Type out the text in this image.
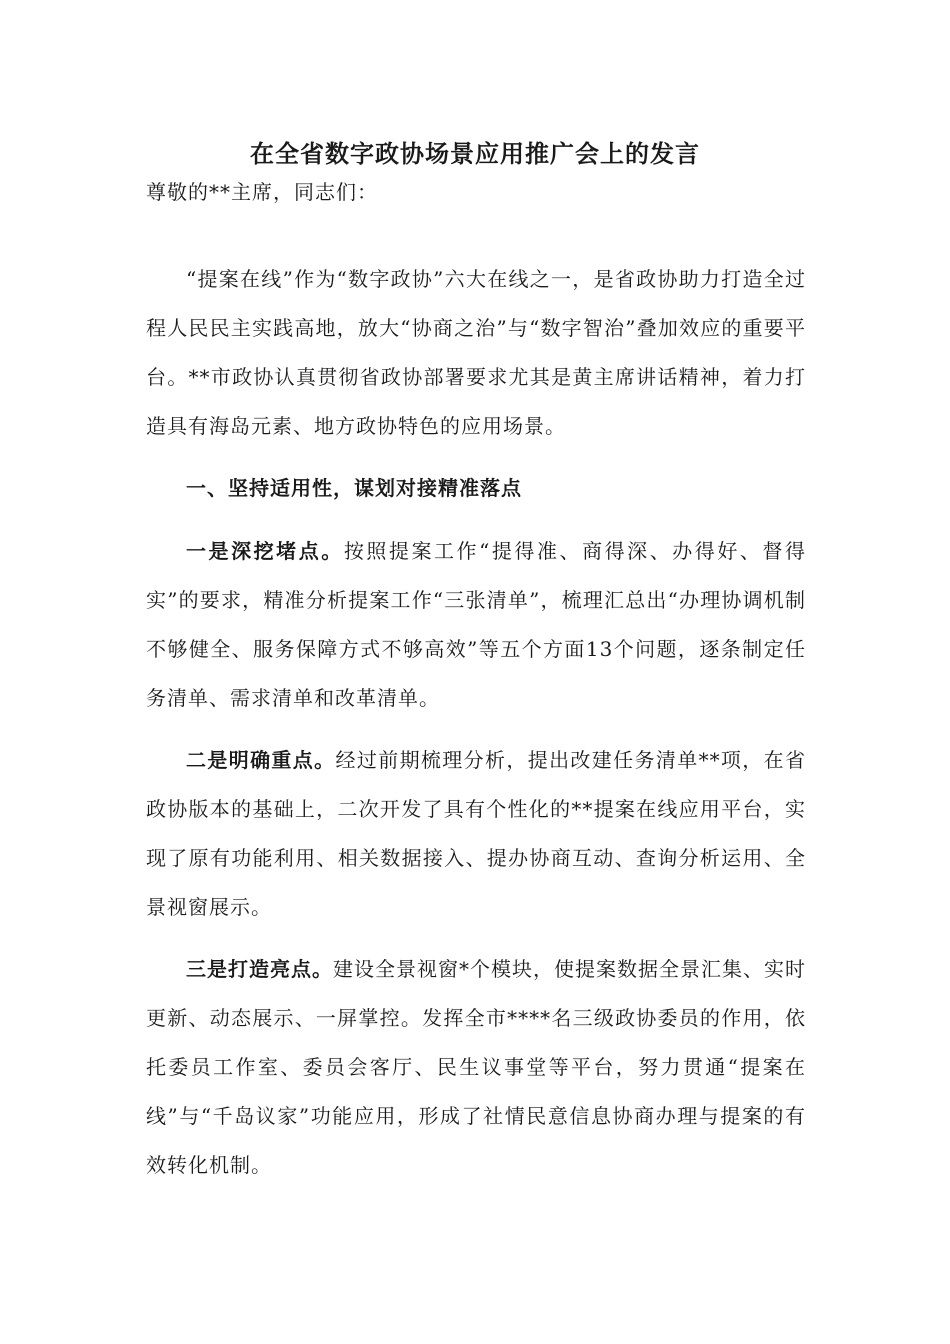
在全省数字政协场景应用推广会上的发言

尊敬的**主席，同志们：

“提案在线”作为“数字政协”六大在线之一，是省政协助力打造全过程人民民主实践高地，放大“协商之治”与“数字智治”叠加效应的重要平台。**市政协认真贯彻省政协部署要求尤其是黄主席讲话精神，着力打造具有海岛元素、地方政协特色的应用场景。

一、坚持适用性，谋划对接精准落点

一是深挖堵点。按照提案工作“提得准、商得深、办得好、督得实”的要求，精准分析提案工作“三张清单”，梳理汇总出“办理协调机制不够健全、服务保障方式不够高效”等五个方面13个问题，逐条制定任务清单、需求清单和改革清单。

二是明确重点。经过前期梳理分析，提出改建任务清单**项，在省政协版本的基础上，二次开发了具有个性化的**提案在线应用平台，实现了原有功能利用、相关数据接入、提办协商互动、查询分析运用、全景视窗展示。

三是打造亮点。建设全景视窗*个模块，使提案数据全景汇集、实时更新、动态展示、一屏掌控。发挥全市****名三级政协委员的作用，依托委员工作室、委员会客厅、民生议事堂等平台，努力贯通“提案在线”与“千岛议家”功能应用，形成了社情民意信息协商办理与提案的有效转化机制。
